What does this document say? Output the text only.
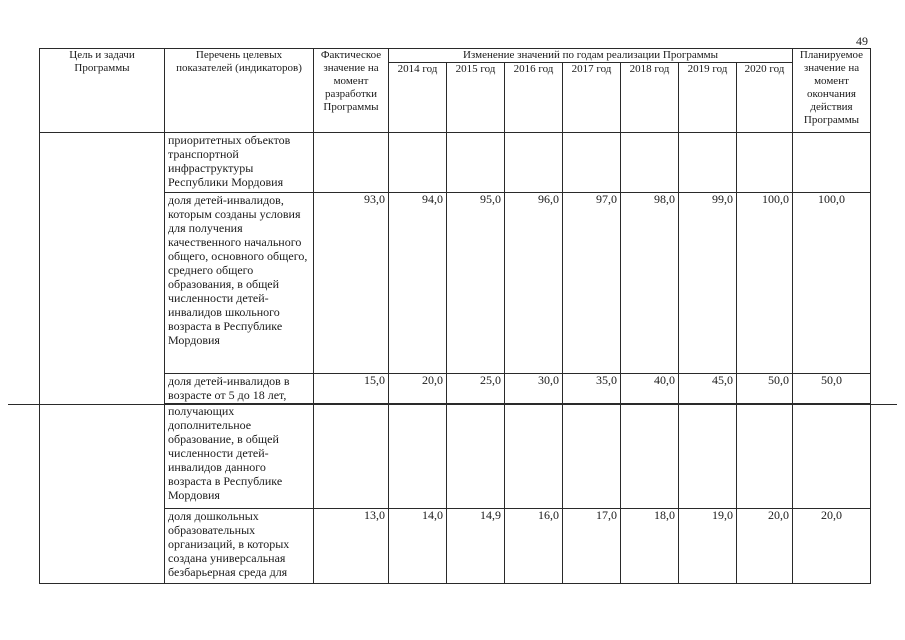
49
Цель и задачи Программы	Перечень целевых показателей (индикаторов)	Фактическое значение на момент разработки Программы	Изменение значений по годам реализации Программы							Планируемое значение на момент окончания действия Программы
			2014 год	2015 год	2016 год	2017 год	2018 год	2019 год	2020 год	
	приоритетных объектов транспортной инфраструктуры Республики Мордовия									
	доля детей-инвалидов, которым созданы условия для получения качественного начального общего, основного общего, среднего общего образования, в общей численности детей-инвалидов школьного возраста в Республике Мордовия	93,0	94,0	95,0	96,0	97,0	98,0	99,0	100,0	100,0
	доля детей-инвалидов в возрасте от 5 до 18 лет,	15,0	20,0	25,0	30,0	35,0	40,0	45,0	50,0	50,0
	получающих дополнительное образование, в общей численности детей-инвалидов данного возраста в Республике Мордовия									
	доля дошкольных образовательных организаций, в которых создана универсальная безбарьерная среда для	13,0	14,0	14,9	16,0	17,0	18,0	19,0	20,0	20,0
